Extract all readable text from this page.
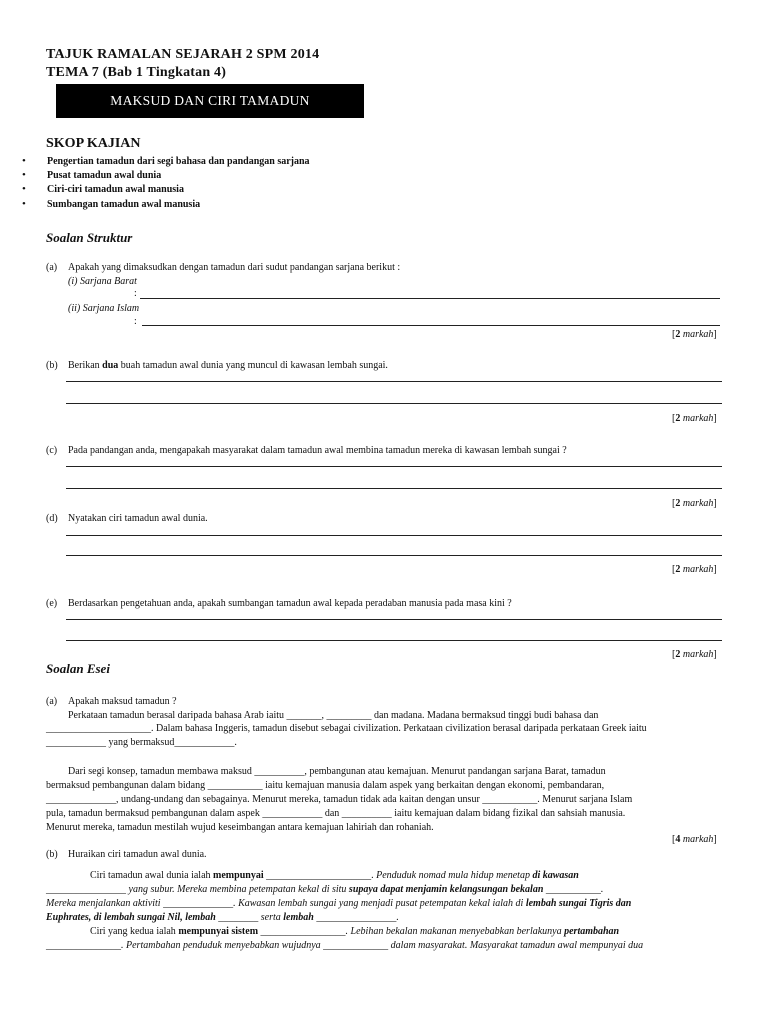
TAJUK RAMALAN SEJARAH 2 SPM 2014
TEMA 7 (Bab 1 Tingkatan 4)
MAKSUD DAN CIRI TAMADUN
SKOP KAJIAN
• Pengertian tamadun dari segi bahasa dan pandangan sarjana
• Pusat tamadun awal dunia
• Ciri-ciri tamadun awal manusia
• Sumbangan tamadun awal manusia
Soalan Struktur
(a) Apakah yang dimaksudkan dengan tamadun dari sudut pandangan sarjana berikut :
(i) Sarjana Barat
:
(ii) Sarjana Islam
:
[2 markah]
(b) Berikan dua buah tamadun awal dunia yang muncul di kawasan lembah sungai.
[2 markah]
(c) Pada pandangan anda, mengapakah masyarakat dalam tamadun awal membina tamadun mereka di kawasan lembah sungai ?
[2 markah]
(d) Nyatakan ciri tamadun awal dunia.
[2 markah]
(e) Berdasarkan pengetahuan anda, apakah sumbangan tamadun awal kepada peradaban manusia pada masa kini ?
[2 markah]
Soalan Esei
(a) Apakah maksud tamadun ?
Perkataan tamadun berasal daripada bahasa Arab iaitu _______, _________ dan madana. Madana bermaksud tinggi budi bahasa dan
_____________________. Dalam bahasa Inggeris, tamadun disebut sebagai civilization. Perkataan civilization berasal daripada perkataan Greek iaitu
____________ yang bermaksud____________.
Dari segi konsep, tamadun membawa maksud __________, pembangunan atau kemajuan. Menurut pandangan sarjana Barat, tamadun
bermaksud pembangunan dalam bidang ___________ iaitu kemajuan manusia dalam aspek yang berkaitan dengan ekonomi, pembandaran,
______________, undang-undang dan sebagainya. Menurut mereka, tamadun tidak ada kaitan dengan unsur ___________. Menurut sarjana Islam
pula, tamadun bermaksud pembangunan dalam aspek ____________ dan __________ iaitu kemajuan dalam bidang fizikal dan sahsiah manusia.
Menurut mereka, tamadun mestilah wujud keseimbangan antara kemajuan lahiriah dan rohaniah.
[4 markah]
(b) Huraikan ciri tamadun awal dunia.
Ciri tamadun awal dunia ialah mempunyai _____________________. Penduduk nomad mula hidup menetap di kawasan
________________ yang subur. Mereka membina petempatan kekal di situ supaya dapat menjamin kelangsungan bekalan ___________.
Mereka menjalankan aktiviti ______________. Kawasan lembah sungai yang menjadi pusat petempatan kekal ialah di lembah sungai Tigris dan
Euphrates, di lembah sungai Nil, lembah ________ serta lembah ________________.
Ciri yang kedua ialah mempunyai sistem _________________. Lebihan bekalan makanan menyebabkan berlakunya pertambahan
_______________. Pertambahan penduduk menyebabkan wujudnya _____________ dalam masyarakat. Masyarakat tamadun awal mempunyai dua
